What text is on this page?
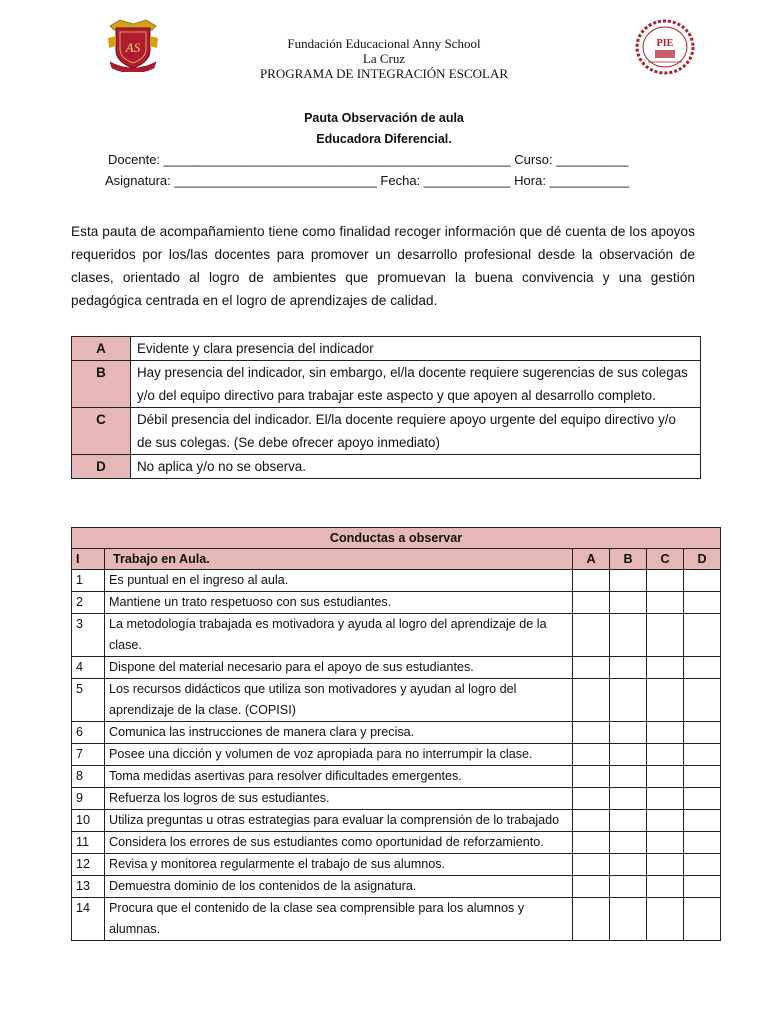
AS	PIE
Fundación Educacional Anny School
La Cruz
PROGRAMA DE INTEGRACIÓN ESCOLAR
Pauta Observación de aula
Educadora Diferencial.
Docente: ________________________________________________ Curso: __________
Asignatura: ____________________________ Fecha: ____________ Hora: ___________
Esta pauta de acompañamiento tiene como finalidad recoger información que dé cuenta de los apoyos requeridos por los/las docentes para promover un desarrollo profesional desde la observación de clases, orientado al logro de ambientes que promuevan la buena convivencia y una gestión pedagógica centrada en el logro de aprendizajes de calidad.
A	Evidente y clara presencia del indicador
B	Hay presencia del indicador, sin embargo, el/la docente requiere sugerencias de sus colegas y/o del equipo directivo para trabajar este aspecto y que apoyen al desarrollo completo.
C	Débil presencia del indicador. El/la docente requiere apoyo urgente del equipo directivo y/o de sus colegas. (Se debe ofrecer apoyo inmediato)
D	No aplica y/o no se observa.
Conductas a observar					
I	Trabajo en Aula.	A	B	C	D
1	Es puntual en el ingreso al aula.				
2	Mantiene un trato respetuoso con sus estudiantes.				
3	La metodología trabajada es motivadora y ayuda al logro del aprendizaje de la clase.				
4	Dispone del material necesario para el apoyo de sus estudiantes.				
5	Los recursos didácticos que utiliza son motivadores y ayudan al logro del aprendizaje de la clase. (COPISI)				
6	Comunica las instrucciones de manera clara y precisa.				
7	Posee una dicción y volumen de voz apropiada para no interrumpir la clase.				
8	Toma medidas asertivas para resolver dificultades emergentes.				
9	Refuerza los logros de sus estudiantes.				
10	Utiliza preguntas u otras estrategias para evaluar la comprensión de lo trabajado				
11	Considera los errores de sus estudiantes como oportunidad de reforzamiento.				
12	Revisa y monitorea regularmente el trabajo de sus alumnos.				
13	Demuestra dominio de los contenidos de la asignatura.				
14	Procura que el contenido de la clase sea comprensible para los alumnos y alumnas.				
